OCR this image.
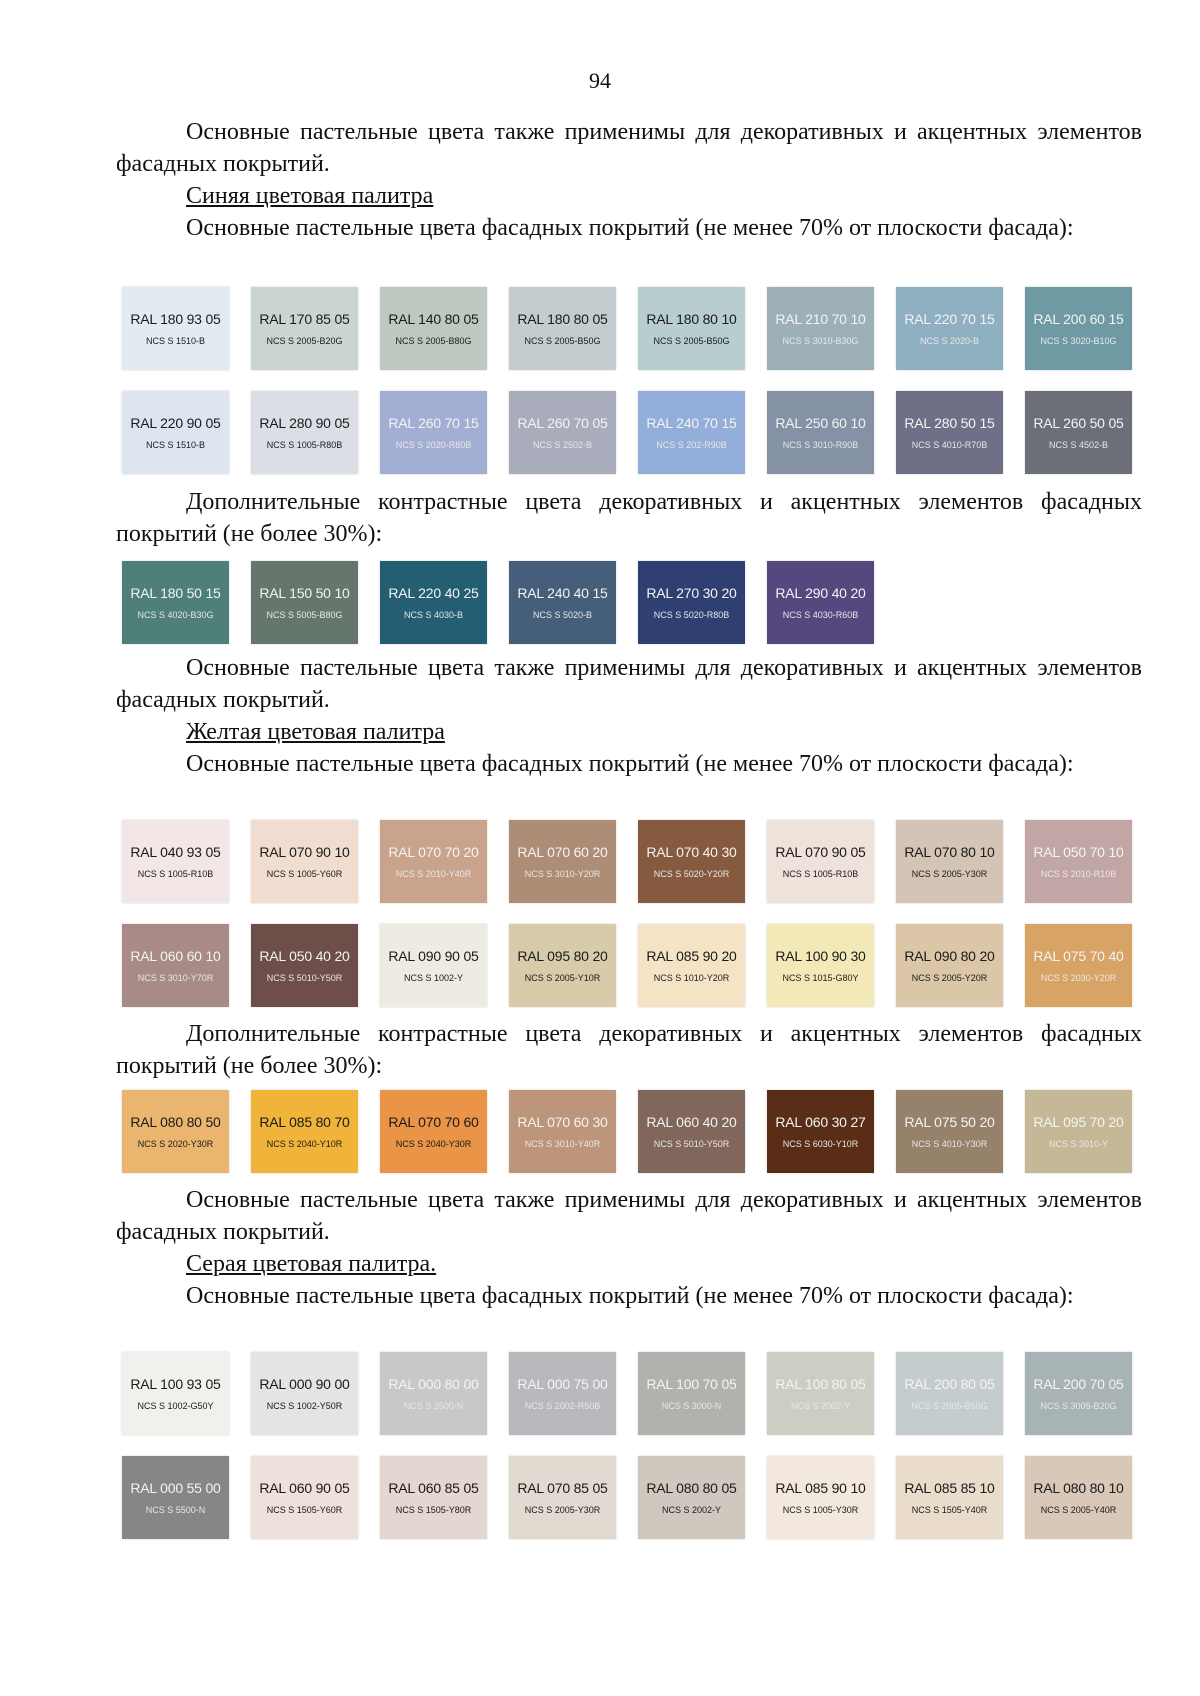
94
Основные пастельные цвета также применимы для декоративных и акцентных элементов фасадных покрытий.
Синяя цветовая палитра
Основные пастельные цвета фасадных покрытий (не менее 70% от плоскости фасада):
RAL 180 93 05
NCS S 1510-B
RAL 170 85 05
NCS S 2005-B20G
RAL 140 80 05
NCS S 2005-B80G
RAL 180 80 05
NCS S 2005-B50G
RAL 180 80 10
NCS S 2005-B50G
RAL 210 70 10
NCS S 3010-B30G
RAL 220 70 15
NCS S 2020-B
RAL 200 60 15
NCS S 3020-B10G
RAL 220 90 05
NCS S 1510-B
RAL 280 90 05
NCS S 1005-R80B
RAL 260 70 15
NCS S 2020-R80B
RAL 260 70 05
NCS S 2502-B
RAL 240 70 15
NCS S 202-R90B
RAL 250 60 10
NCS S 3010-R90B
RAL 280 50 15
NCS S 4010-R70B
RAL 260 50 05
NCS S 4502-B
Дополнительные контрастные цвета декоративных и акцентных элементов фасадных покрытий (не более 30%):
RAL 180 50 15
NCS S 4020-B30G
RAL 150 50 10
NCS S 5005-B80G
RAL 220 40 25
NCS S 4030-B
RAL 240 40 15
NCS S 5020-B
RAL 270 30 20
NCS S 5020-R80B
RAL 290 40 20
NCS S 4030-R60B
Основные пастельные цвета также применимы для декоративных и акцентных элементов фасадных покрытий.
Желтая цветовая палитра
Основные пастельные цвета фасадных покрытий (не менее 70% от плоскости фасада):
RAL 040 93 05
NCS S 1005-R10B
RAL 070 90 10
NCS S 1005-Y60R
RAL 070 70 20
NCS S 2010-Y40R
RAL 070 60 20
NCS S 3010-Y20R
RAL 070 40 30
NCS S 5020-Y20R
RAL 070 90 05
NCS S 1005-R10B
RAL 070 80 10
NCS S 2005-Y30R
RAL 050 70 10
NCS S 2010-R10B
RAL 060 60 10
NCS S 3010-Y70R
RAL 050 40 20
NCS S 5010-Y50R
RAL 090 90 05
NCS S 1002-Y
RAL 095 80 20
NCS S 2005-Y10R
RAL 085 90 20
NCS S 1010-Y20R
RAL 100 90 30
NCS S 1015-G80Y
RAL 090 80 20
NCS S 2005-Y20R
RAL 075 70 40
NCS S 2030-Y20R
Дополнительные контрастные цвета декоративных и акцентных элементов фасадных покрытий (не более 30%):
RAL 080 80 50
NCS S 2020-Y30R
RAL 085 80 70
NCS S 2040-Y10R
RAL 070 70 60
NCS S 2040-Y30R
RAL 070 60 30
NCS S 3010-Y40R
RAL 060 40 20
NCS S 5010-Y50R
RAL 060 30 27
NCS S 6030-Y10R
RAL 075 50 20
NCS S 4010-Y30R
RAL 095 70 20
NCS S 3010-Y
Основные пастельные цвета также применимы для декоративных и акцентных элементов фасадных покрытий.
Серая цветовая палитра.
Основные пастельные цвета фасадных покрытий (не менее 70% от плоскости фасада):
RAL 100 93 05
NCS S 1002-G50Y
RAL 000 90 00
NCS S 1002-Y50R
RAL 000 80 00
NCS S 2500-N
RAL 000 75 00
NCS S 2002-R50B
RAL 100 70 05
NCS S 3000-N
RAL 100 80 05
NCS S 2002-Y
RAL 200 80 05
NCS S 2005-B50G
RAL 200 70 05
NCS S 3005-B20G
RAL 000 55 00
NCS S 5500-N
RAL 060 90 05
NCS S 1505-Y60R
RAL 060 85 05
NCS S 1505-Y80R
RAL 070 85 05
NCS S 2005-Y30R
RAL 080 80 05
NCS S 2002-Y
RAL 085 90 10
NCS S 1005-Y30R
RAL 085 85 10
NCS S 1505-Y40R
RAL 080 80 10
NCS S 2005-Y40R
